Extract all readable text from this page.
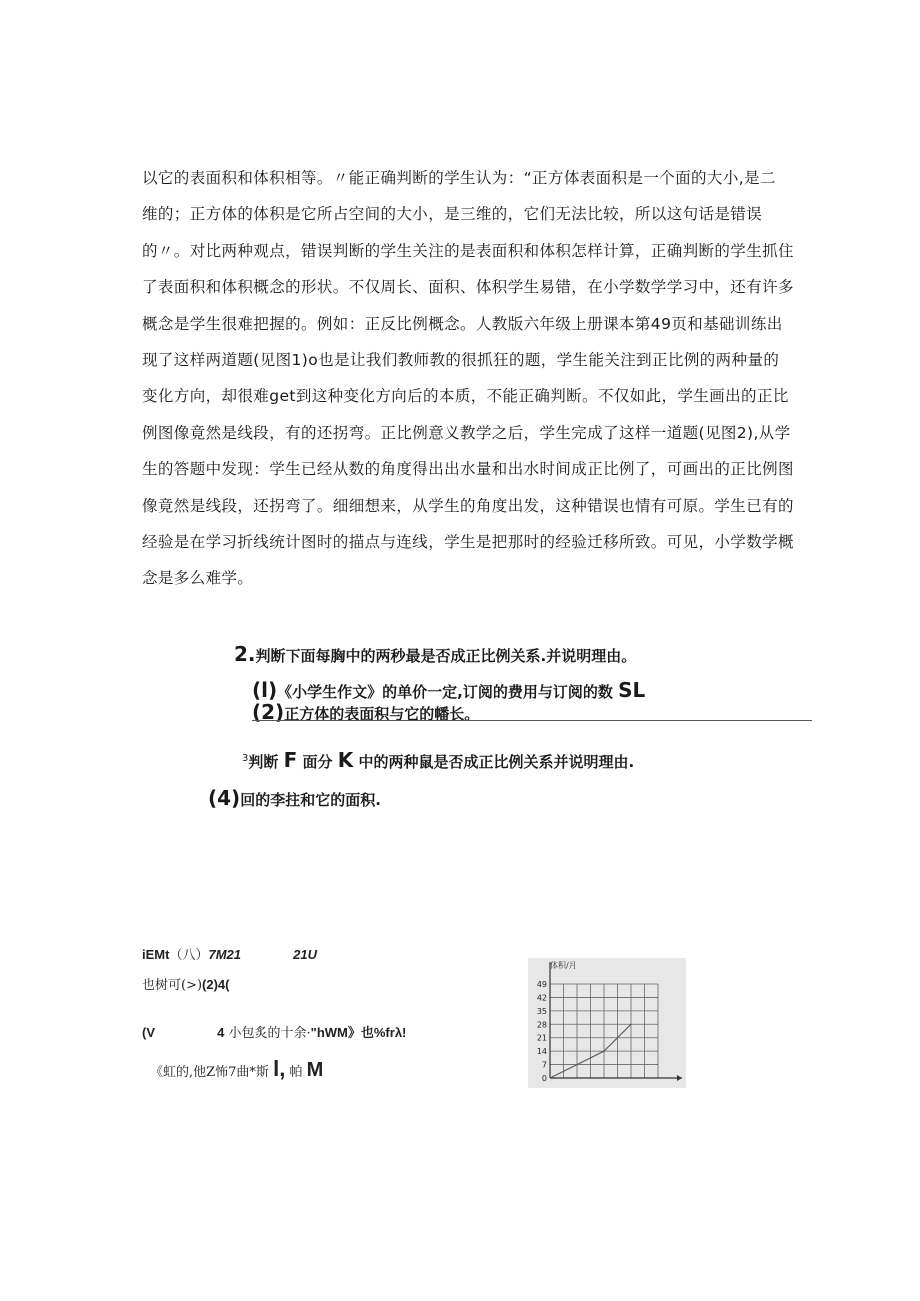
以它的表面积和体积相等。〃能正确判断的学生认为：“正方体表面积是一个面的大小,是二
维的；正方体的体积是它所占空间的大小，是三维的，它们无法比较，所以这句话是错误
的〃。对比两种观点，错误判断的学生关注的是表面积和体积怎样计算，正确判断的学生抓住
了表面积和体积概念的形状。不仅周长、面积、体积学生易错，在小学数学学习中，还有许多
概念是学生很难把握的。例如：正反比例概念。人教版六年级上册课本第49页和基础训练出
现了这样两道题(见图1)o也是让我们教师教的很抓狂的题，学生能关注到正比例的两种量的
变化方向，却很难get到这种变化方向后的本质，不能正确判断。不仅如此，学生画出的正比
例图像竟然是线段，有的还拐弯。正比例意义教学之后，学生完成了这样一道题(见图2),从学
生的答题中发现：学生已经从数的角度得出出水量和出水时间成正比例了，可画出的正比例图
像竟然是线段，还拐弯了。细细想来，从学生的角度出发，这种错误也情有可原。学生已有的
经验是在学习折线统计图时的描点与连线，学生是把那时的经验迁移所致。可见，小学数学概
念是多么难学。
2.判断下面每胸中的两秒最是否成正比例关系.并说明理由。
(l)《小学生作文》的单价一定,订阅的费用与订阅的数 SL
(2)正方体的表面积与它的幡长。
$^3$判断 F 面分 K 中的两种鼠是否成正比例关系并说明理由.
(4)回的李拄和它的面积.
iEMt（八）7M21	21U
也树可(>)(2)4(
(V	4 小包炙的十余·"hWM》也%frλ!
《虹的,他Z怖7曲*斯 l, 帕 M
体积/月
0
7
14
21
28
35
42
49
